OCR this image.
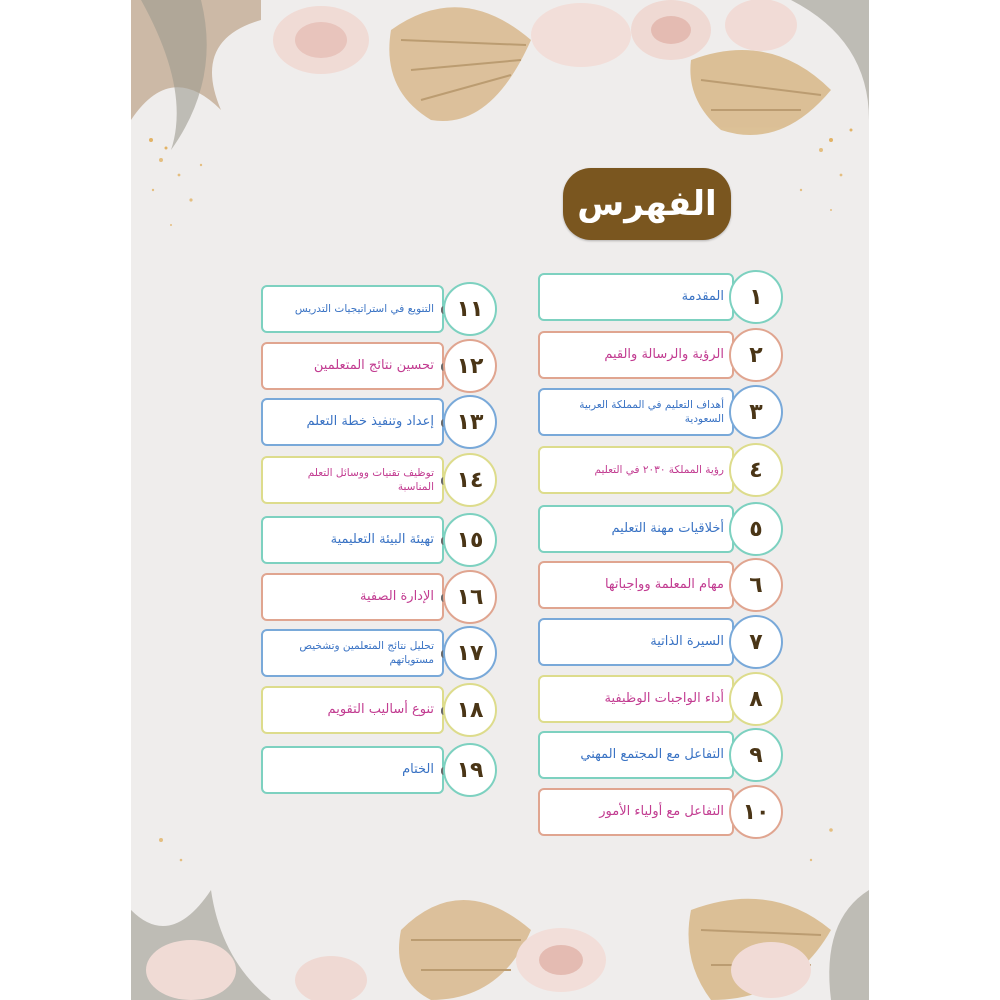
الفهرس
المقدمة	١
الرؤية والرسالة والقيم	٢
أهداف التعليم في المملكة العربية السعودية	٣
رؤية المملكة ٢٠٣٠ في التعليم	٤
أخلاقيات مهنة التعليم	٥
مهام المعلمة وواجباتها	٦
السيرة الذاتية	٧
أداء الواجبات الوظيفية	٨
التفاعل مع المجتمع المهني	٩
التفاعل مع أولياء الأمور ١٠
التنويع في استراتيجيات التدريس	١١
تحسين نتائج المتعلمين	١٢
إعداد وتنفيذ خطة التعلم	١٣
توظيف تقنيات ووسائل التعلم المناسبة	١٤
تهيئة البيئة التعليمية	١٥
الإدارة الصفية	١٦
تحليل نتائج المتعلمين وتشخيص مستوياتهم	١٧
تنوع أساليب التقويم	١٨
الختام	١٩
